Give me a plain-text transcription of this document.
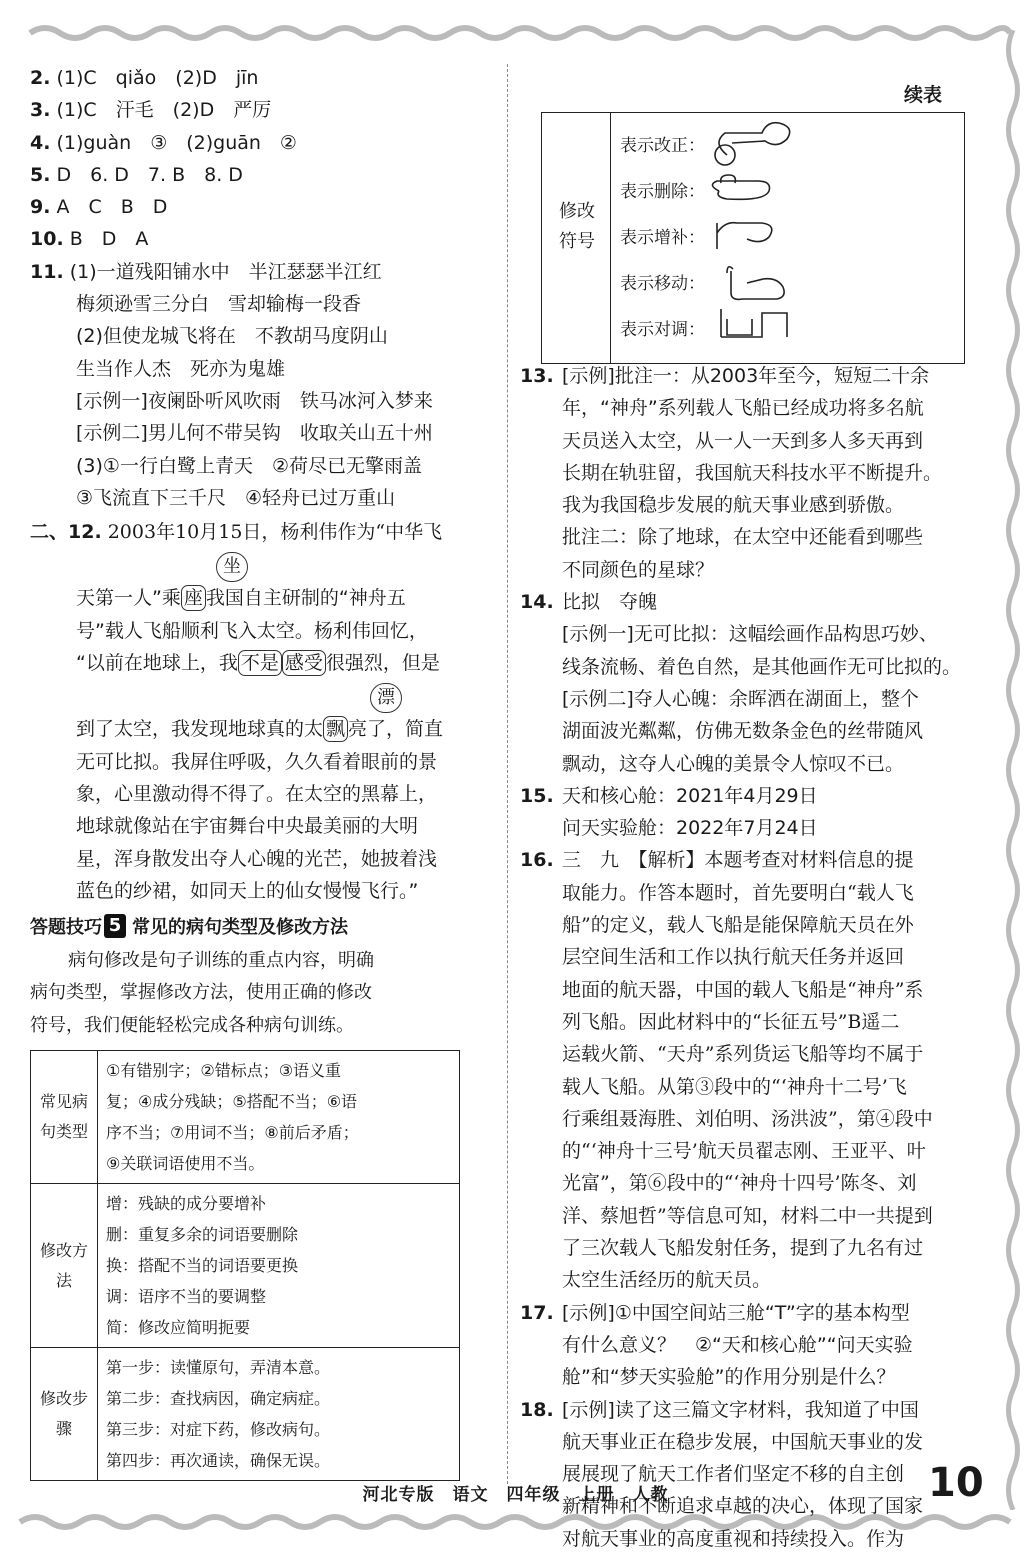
2. (1)C　qiǎo　(2)D　jīn
3. (1)C　汗毛　(2)D　严厉
4. (1)guàn　③　(2)guān　②
5. D　6. D　7. B　8. D
9. A　C　B　D
10. B　D　A
11. (1)一道残阳铺水中　半江瑟瑟半江红
梅须逊雪三分白　雪却输梅一段香
(2)但使龙城飞将在　不教胡马度阴山
生当作人杰　死亦为鬼雄
[示例一]夜阑卧听风吹雨　铁马冰河入梦来
[示例二]男儿何不带吴钩　收取关山五十州
(3)①一行白鹭上青天　②荷尽已无擎雨盖
③飞流直下三千尺　④轻舟已过万重山
二、12. 2003年10月15日，杨利伟作为“中华飞
坐
天第一人”乘 座 我国自主研制的“神舟五
号”载人飞船顺利飞入太空。杨利伟回忆，
“以前在地球上，我 不是 感受 很强烈，但是
漂
到了太空，我发现地球真的太 飘 亮了，简直
无可比拟。我屏住呼吸，久久看着眼前的景
象，心里激动得不得了。在太空的黑幕上，
地球就像站在宇宙舞台中央最美丽的大明
星，浑身散发出夺人心魄的光芒，她披着浅
蓝色的纱裙，如同天上的仙女慢慢飞行。”
答题技巧 5 常见的病句类型及修改方法
病句修改是句子训练的重点内容，明确
病句类型，掌握修改方法，使用正确的修改
符号，我们便能轻松完成各种病句训练。
常见病句类型	①有错别字；②错标点；③语义重
复；④成分残缺；⑤搭配不当；⑥语
序不当；⑦用词不当；⑧前后矛盾；
⑨关联词语使用不当。

修改方法	增：残缺的成分要增补
删：重复多余的词语要删除
换：搭配不当的词语要更换
调：语序不当的要调整
简：修改应简明扼要

修改步骤	第一步：读懂原句，弄清本意。
第二步：查找病因，确定病症。
第三步：对症下药，修改病句。
第四步：再次通读，确保无误。
续表
修改符号
表示改正：
表示删除：
表示增补：
表示移动：
表示对调：
13. [示例]批注一：从2003年至今，短短二十余
年，“神舟”系列载人飞船已经成功将多名航
天员送入太空，从一人一天到多人多天再到
长期在轨驻留，我国航天科技水平不断提升。
我为我国稳步发展的航天事业感到骄傲。
批注二：除了地球，在太空中还能看到哪些
不同颜色的星球？
14. 比拟　夺魄
[示例一]无可比拟：这幅绘画作品构思巧妙、
线条流畅、着色自然，是其他画作无可比拟的。
[示例二]夺人心魄：余晖洒在湖面上，整个
湖面波光粼粼，仿佛无数条金色的丝带随风
飘动，这夺人心魄的美景令人惊叹不已。
15. 天和核心舱：2021年4月29日
问天实验舱：2022年7月24日
16. 三　九　【解析】本题考查对材料信息的提
取能力。作答本题时，首先要明白“载人飞
船”的定义，载人飞船是能保障航天员在外
层空间生活和工作以执行航天任务并返回
地面的航天器，中国的载人飞船是“神舟”系
列飞船。因此材料中的“长征五号”B遥二
运载火箭、“天舟”系列货运飞船等均不属于
载人飞船。从第③段中的“‘神舟十二号’飞
行乘组聂海胜、刘伯明、汤洪波”，第④段中
的“‘神舟十三号’航天员翟志刚、王亚平、叶
光富”，第⑥段中的“‘神舟十四号’陈冬、刘
洋、蔡旭哲”等信息可知，材料二中一共提到
了三次载人飞船发射任务，提到了九名有过
太空生活经历的航天员。
17. [示例]①中国空间站三舱“T”字的基本构型
有什么意义？　②“天和核心舱”“问天实验
舱”和“梦天实验舱”的作用分别是什么？
18. [示例]读了这三篇文字材料，我知道了中国
航天事业正在稳步发展，中国航天事业的发
展展现了航天工作者们坚定不移的自主创
新精神和不断追求卓越的决心，体现了国家
对航天事业的高度重视和持续投入。作为
河北专版　语文　四年级　上册　人教	10
